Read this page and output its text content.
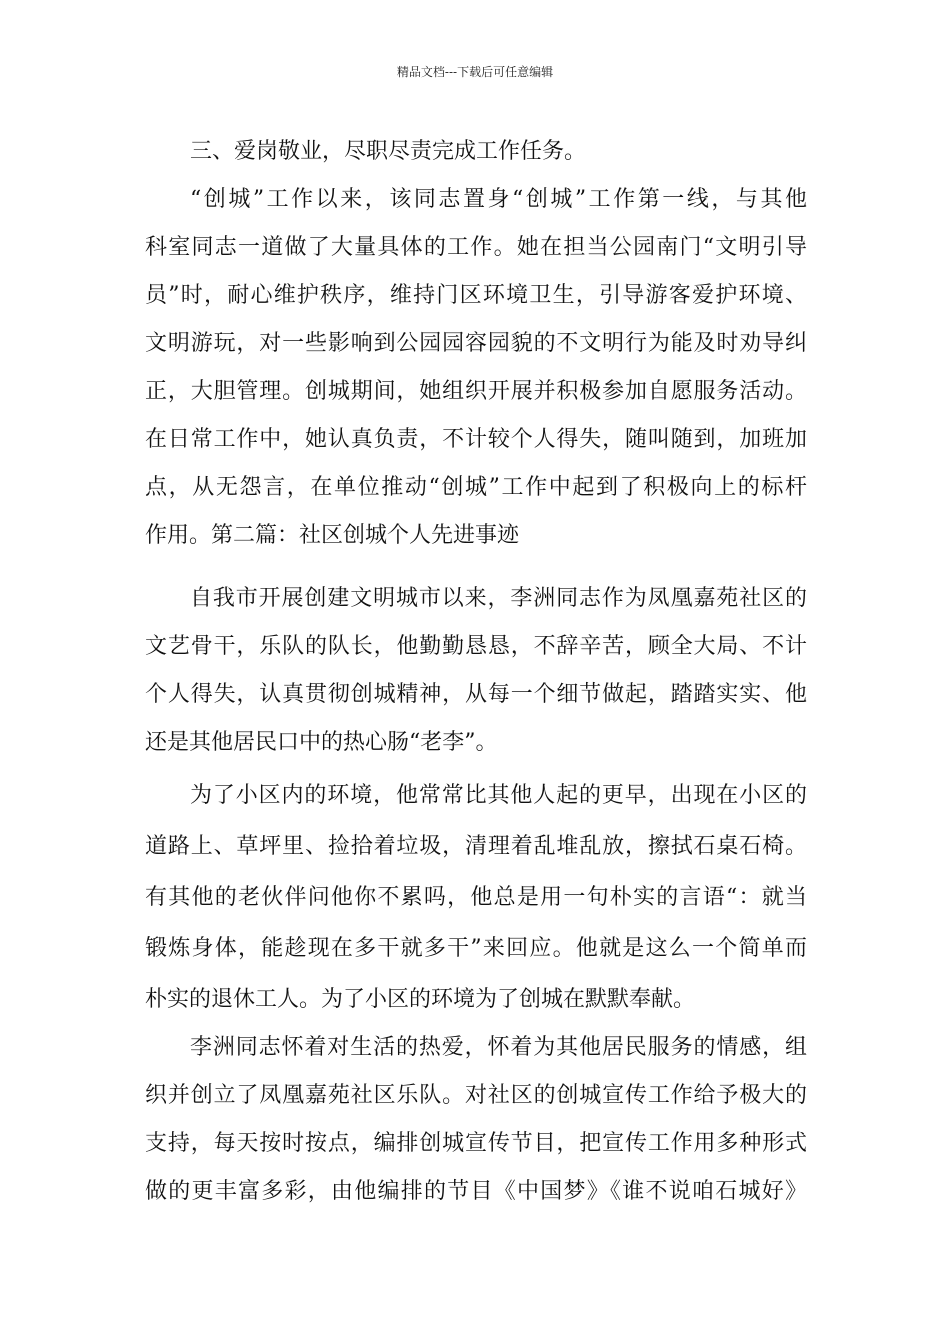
精品文档---下载后可任意编辑
三、爱岗敬业，尽职尽责完成工作任务。
“创城”工作以来，该同志置身“创城”工作第一线，与其他
科室同志一道做了大量具体的工作。她在担当公园南门“文明引导
员”时，耐心维护秩序，维持门区环境卫生，引导游客爱护环境、
文明游玩，对一些影响到公园园容园貌的不文明行为能及时劝导纠
正，大胆管理。创城期间，她组织开展并积极参加自愿服务活动。
在日常工作中，她认真负责，不计较个人得失，随叫随到，加班加
点，从无怨言，在单位推动“创城”工作中起到了积极向上的标杆
作用。第二篇：社区创城个人先进事迹
自我市开展创建文明城市以来，李洲同志作为凤凰嘉苑社区的
文艺骨干，乐队的队长，他勤勤恳恳，不辞辛苦，顾全大局、不计
个人得失，认真贯彻创城精神，从每一个细节做起，踏踏实实、他
还是其他居民口中的热心肠“老李”。
为了小区内的环境，他常常比其他人起的更早，出现在小区的
道路上、草坪里、捡拾着垃圾，清理着乱堆乱放，擦拭石桌石椅。
有其他的老伙伴问他你不累吗，他总是用一句朴实的言语“：就当
锻炼身体，能趁现在多干就多干”来回应。他就是这么一个简单而
朴实的退休工人。为了小区的环境为了创城在默默奉献。
李洲同志怀着对生活的热爱，怀着为其他居民服务的情感，组
织并创立了凤凰嘉苑社区乐队。对社区的创城宣传工作给予极大的
支持，每天按时按点，编排创城宣传节目，把宣传工作用多种形式
做的更丰富多彩，由他编排的节目《中国梦》《谁不说咱石城好》
